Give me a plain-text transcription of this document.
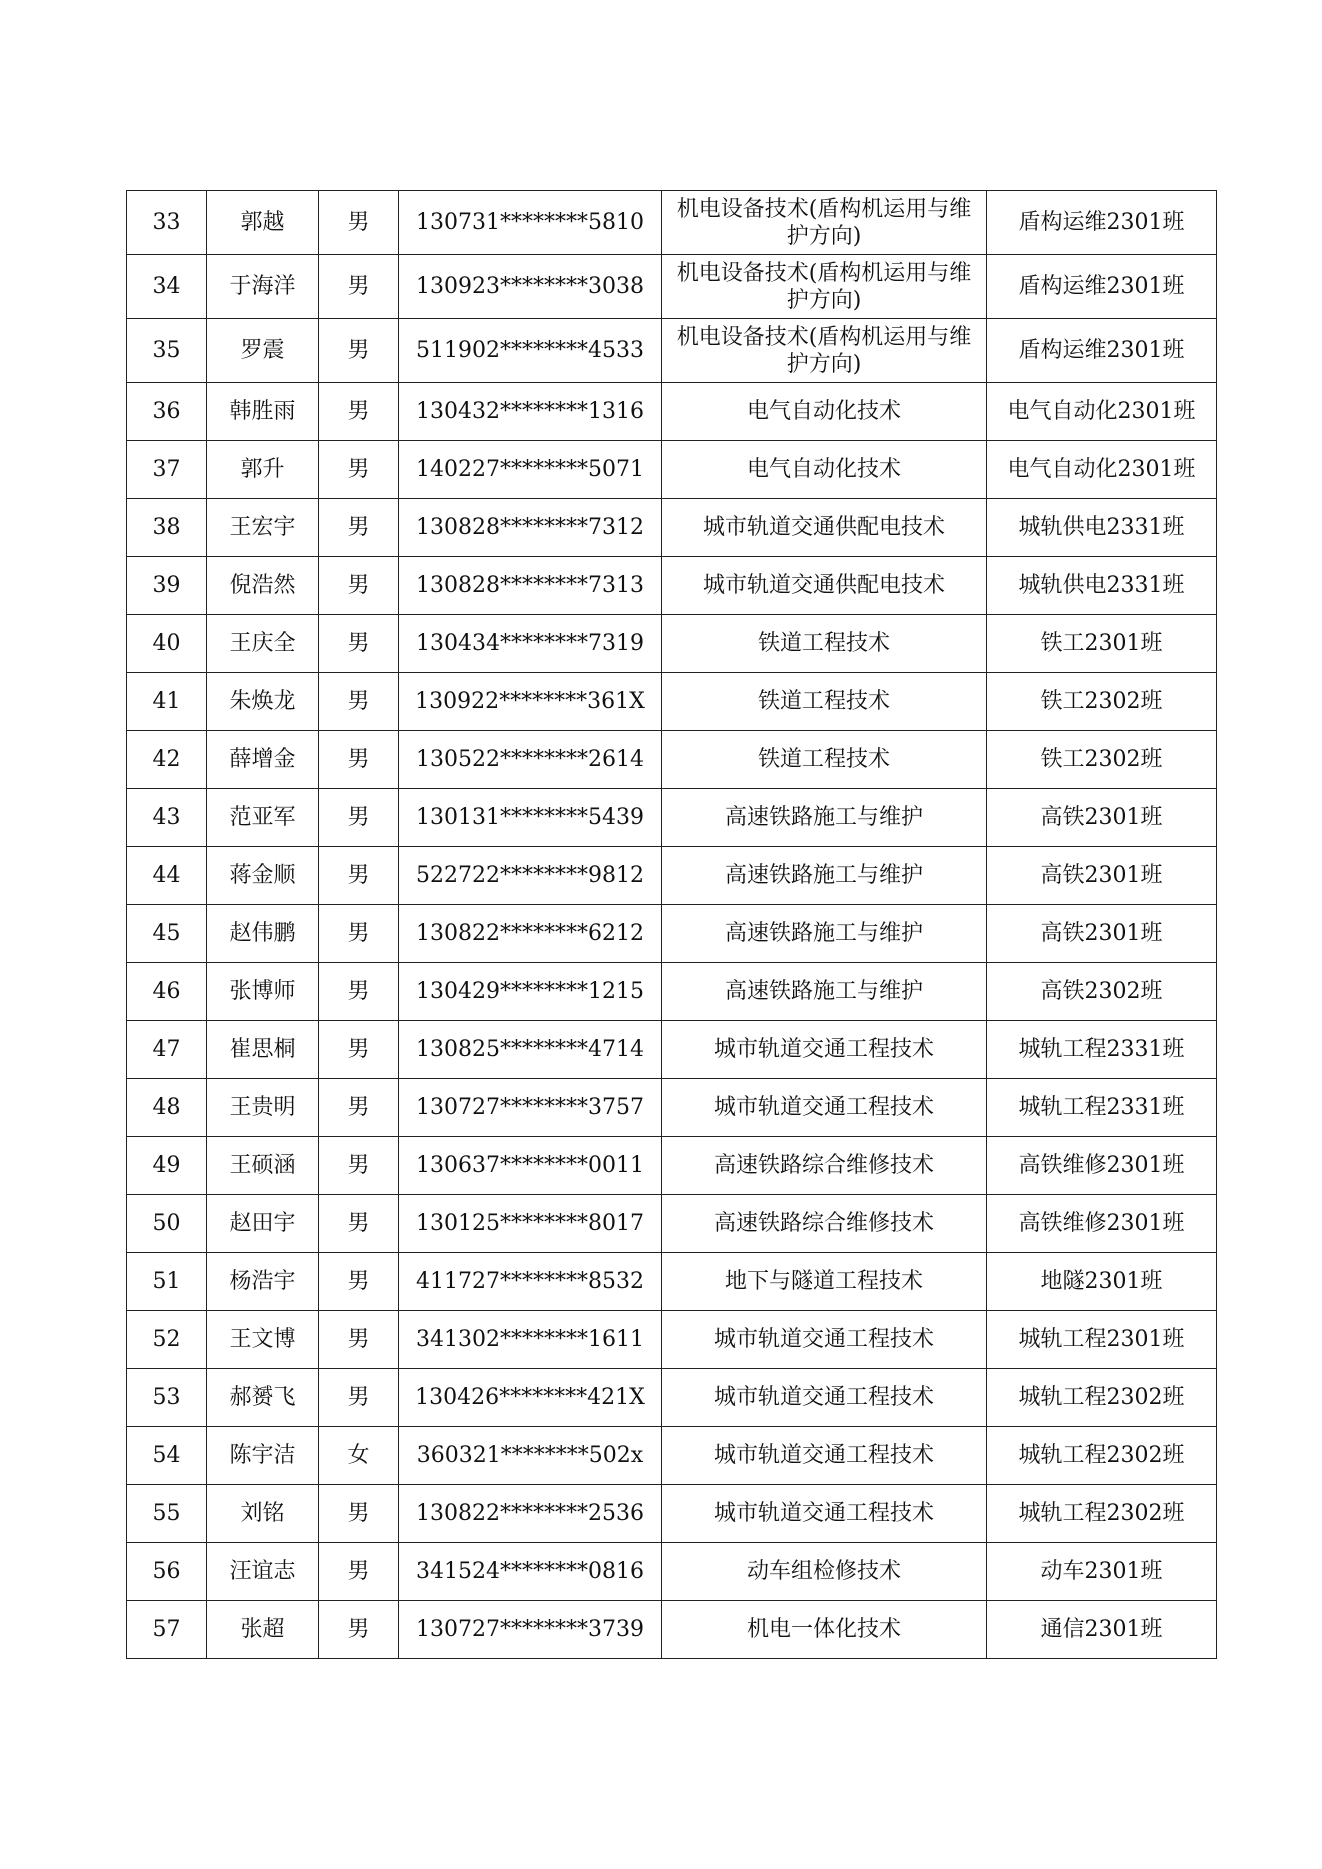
33	郭越	男	130731********5810	机电设备技术(盾构机运用与维护方向)	盾构运维2301班
34	于海洋	男	130923********3038	机电设备技术(盾构机运用与维护方向)	盾构运维2301班
35	罗震	男	511902********4533	机电设备技术(盾构机运用与维护方向)	盾构运维2301班
36	韩胜雨	男	130432********1316	电气自动化技术	电气自动化2301班
37	郭升	男	140227********5071	电气自动化技术	电气自动化2301班
38	王宏宇	男	130828********7312	城市轨道交通供配电技术	城轨供电2331班
39	倪浩然	男	130828********7313	城市轨道交通供配电技术	城轨供电2331班
40	王庆全	男	130434********7319	铁道工程技术	铁工2301班
41	朱焕龙	男	130922********361X	铁道工程技术	铁工2302班
42	薛增金	男	130522********2614	铁道工程技术	铁工2302班
43	范亚军	男	130131********5439	高速铁路施工与维护	高铁2301班
44	蒋金顺	男	522722********9812	高速铁路施工与维护	高铁2301班
45	赵伟鹏	男	130822********6212	高速铁路施工与维护	高铁2301班
46	张博师	男	130429********1215	高速铁路施工与维护	高铁2302班
47	崔思桐	男	130825********4714	城市轨道交通工程技术	城轨工程2331班
48	王贵明	男	130727********3757	城市轨道交通工程技术	城轨工程2331班
49	王硕涵	男	130637********0011	高速铁路综合维修技术	高铁维修2301班
50	赵田宇	男	130125********8017	高速铁路综合维修技术	高铁维修2301班
51	杨浩宇	男	411727********8532	地下与隧道工程技术	地隧2301班
52	王文博	男	341302********1611	城市轨道交通工程技术	城轨工程2301班
53	郝赟飞	男	130426********421X	城市轨道交通工程技术	城轨工程2302班
54	陈宇洁	女	360321********502x	城市轨道交通工程技术	城轨工程2302班
55	刘铭	男	130822********2536	城市轨道交通工程技术	城轨工程2302班
56	汪谊志	男	341524********0816	动车组检修技术	动车2301班
57	张超	男	130727********3739	机电一体化技术	通信2301班
